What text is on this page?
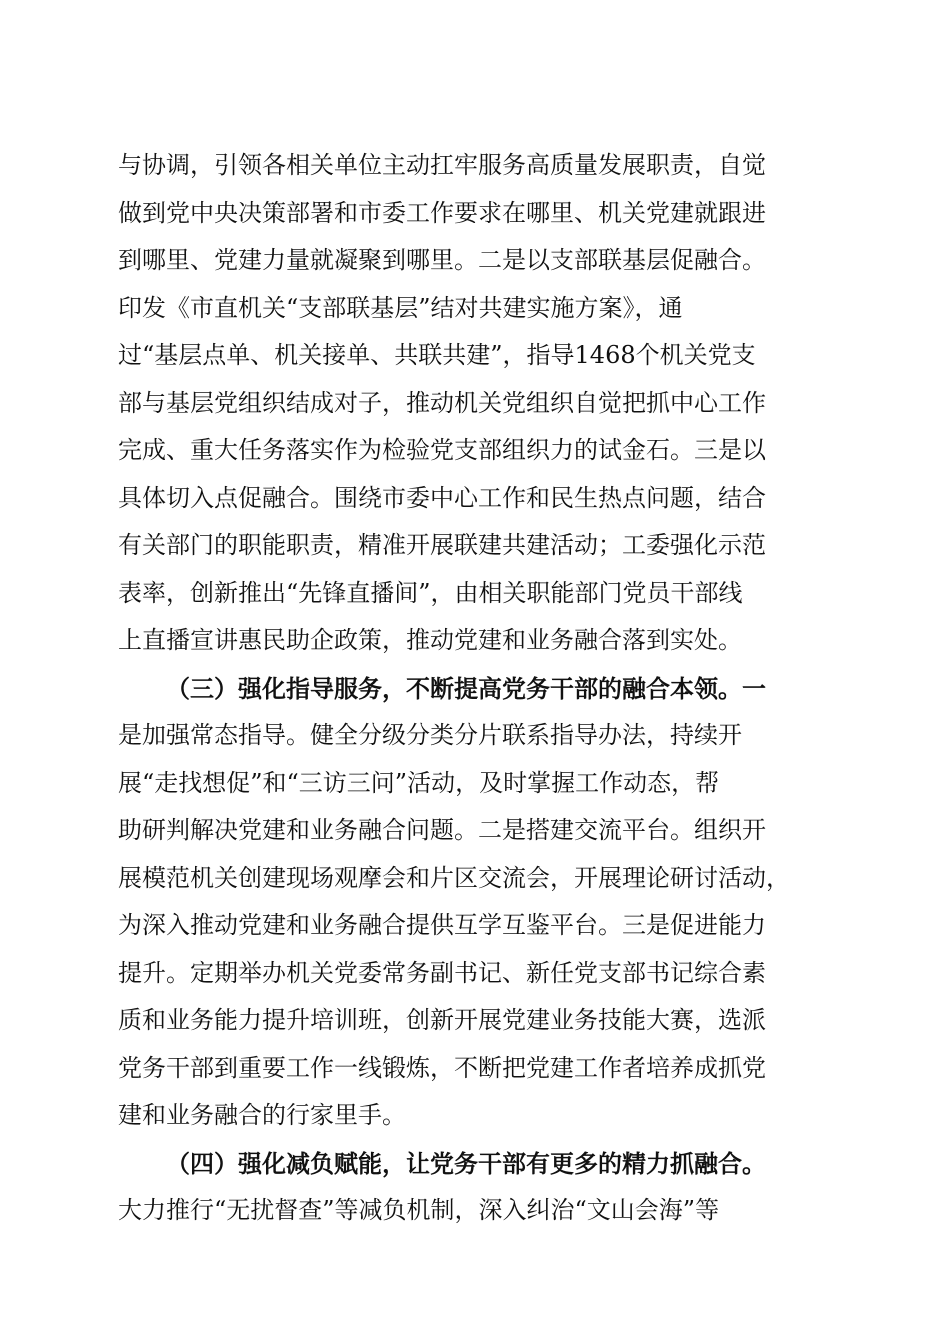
与协调，引领各相关单位主动扛牢服务高质量发展职责，自觉
做到党中央决策部署和市委工作要求在哪里、机关党建就跟进
到哪里、党建力量就凝聚到哪里。二是以支部联基层促融合。
印发《市直机关“支部联基层”结对共建实施方案》，通
过“基层点单、机关接单、共联共建”，指导1468个机关党支
部与基层党组织结成对子，推动机关党组织自觉把抓中心工作
完成、重大任务落实作为检验党支部组织力的试金石。三是以
具体切入点促融合。围绕市委中心工作和民生热点问题，结合
有关部门的职能职责，精准开展联建共建活动；工委强化示范
表率，创新推出“先锋直播间”，由相关职能部门党员干部线
上直播宣讲惠民助企政策，推动党建和业务融合落到实处。
（三）强化指导服务，不断提高党务干部的融合本领。一
是加强常态指导。健全分级分类分片联系指导办法，持续开
展“走找想促”和“三访三问”活动，及时掌握工作动态，帮
助研判解决党建和业务融合问题。二是搭建交流平台。组织开
展模范机关创建现场观摩会和片区交流会，开展理论研讨活动，
为深入推动党建和业务融合提供互学互鉴平台。三是促进能力
提升。定期举办机关党委常务副书记、新任党支部书记综合素
质和业务能力提升培训班，创新开展党建业务技能大赛，选派
党务干部到重要工作一线锻炼，不断把党建工作者培养成抓党
建和业务融合的行家里手。
（四）强化减负赋能，让党务干部有更多的精力抓融合。
大力推行“无扰督查”等减负机制，深入纠治“文山会海”等
